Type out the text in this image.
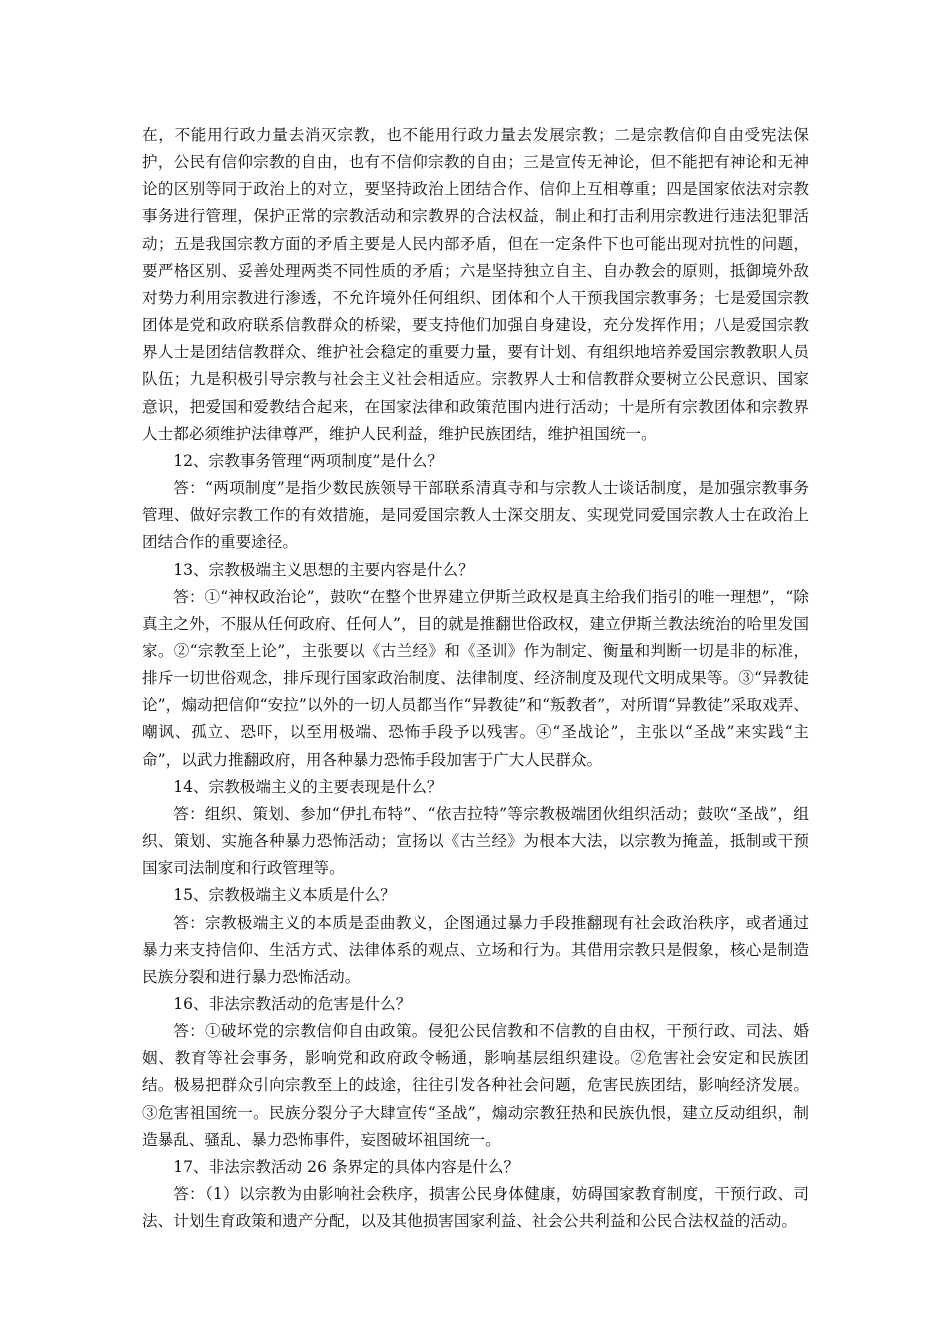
在，不能用行政力量去消灭宗教，也不能用行政力量去发展宗教；二是宗教信仰自由受宪法保护，公民有信仰宗教的自由，也有不信仰宗教的自由；三是宣传无神论，但不能把有神论和无神论的区别等同于政治上的对立，要坚持政治上团结合作、信仰上互相尊重；四是国家依法对宗教事务进行管理，保护正常的宗教活动和宗教界的合法权益，制止和打击利用宗教进行违法犯罪活动；五是我国宗教方面的矛盾主要是人民内部矛盾，但在一定条件下也可能出现对抗性的问题，要严格区别、妥善处理两类不同性质的矛盾；六是坚持独立自主、自办教会的原则，抵御境外敌对势力利用宗教进行渗透，不允许境外任何组织、团体和个人干预我国宗教事务；七是爱国宗教团体是党和政府联系信教群众的桥梁，要支持他们加强自身建设，充分发挥作用；八是爱国宗教界人士是团结信教群众、维护社会稳定的重要力量，要有计划、有组织地培养爱国宗教教职人员队伍；九是积极引导宗教与社会主义社会相适应。宗教界人士和信教群众要树立公民意识、国家意识，把爱国和爱教结合起来，在国家法律和政策范围内进行活动；十是所有宗教团体和宗教界人士都必须维护法律尊严，维护人民利益，维护民族团结，维护祖国统一。

12、宗教事务管理“两项制度”是什么？

答：“两项制度”是指少数民族领导干部联系清真寺和与宗教人士谈话制度，是加强宗教事务管理、做好宗教工作的有效措施，是同爱国宗教人士深交朋友、实现党同爱国宗教人士在政治上团结合作的重要途径。

13、宗教极端主义思想的主要内容是什么？

答：①“神权政治论”，鼓吹“在整个世界建立伊斯兰政权是真主给我们指引的唯一理想”，“除真主之外，不服从任何政府、任何人”，目的就是推翻世俗政权，建立伊斯兰教法统治的哈里发国家。②“宗教至上论”，主张要以《古兰经》和《圣训》作为制定、衡量和判断一切是非的标准，排斥一切世俗观念，排斥现行国家政治制度、法律制度、经济制度及现代文明成果等。③“异教徒论”，煽动把信仰“安拉”以外的一切人员都当作“异教徒”和“叛教者”，对所谓“异教徒”采取戏弄、嘲讽、孤立、恐吓，以至用极端、恐怖手段予以残害。④“圣战论”，主张以“圣战”来实践“主命”，以武力推翻政府，用各种暴力恐怖手段加害于广大人民群众。

14、宗教极端主义的主要表现是什么？

答：组织、策划、参加“伊扎布特”、“依吉拉特”等宗教极端团伙组织活动；鼓吹“圣战”，组织、策划、实施各种暴力恐怖活动；宣扬以《古兰经》为根本大法，以宗教为掩盖，抵制或干预国家司法制度和行政管理等。

15、宗教极端主义本质是什么？

答：宗教极端主义的本质是歪曲教义，企图通过暴力手段推翻现有社会政治秩序，或者通过暴力来支持信仰、生活方式、法律体系的观点、立场和行为。其借用宗教只是假象，核心是制造民族分裂和进行暴力恐怖活动。

16、非法宗教活动的危害是什么？

答：①破坏党的宗教信仰自由政策。侵犯公民信教和不信教的自由权，干预行政、司法、婚姻、教育等社会事务，影响党和政府政令畅通，影响基层组织建设。②危害社会安定和民族团结。极易把群众引向宗教至上的歧途，往往引发各种社会问题，危害民族团结，影响经济发展。③危害祖国统一。民族分裂分子大肆宣传“圣战”，煽动宗教狂热和民族仇恨，建立反动组织，制造暴乱、骚乱、暴力恐怖事件，妄图破坏祖国统一。

17、非法宗教活动 26 条界定的具体内容是什么？

答：（1）以宗教为由影响社会秩序，损害公民身体健康，妨碍国家教育制度，干预行政、司法、计划生育政策和遗产分配，以及其他损害国家利益、社会公共利益和公民合法权益的活动。
